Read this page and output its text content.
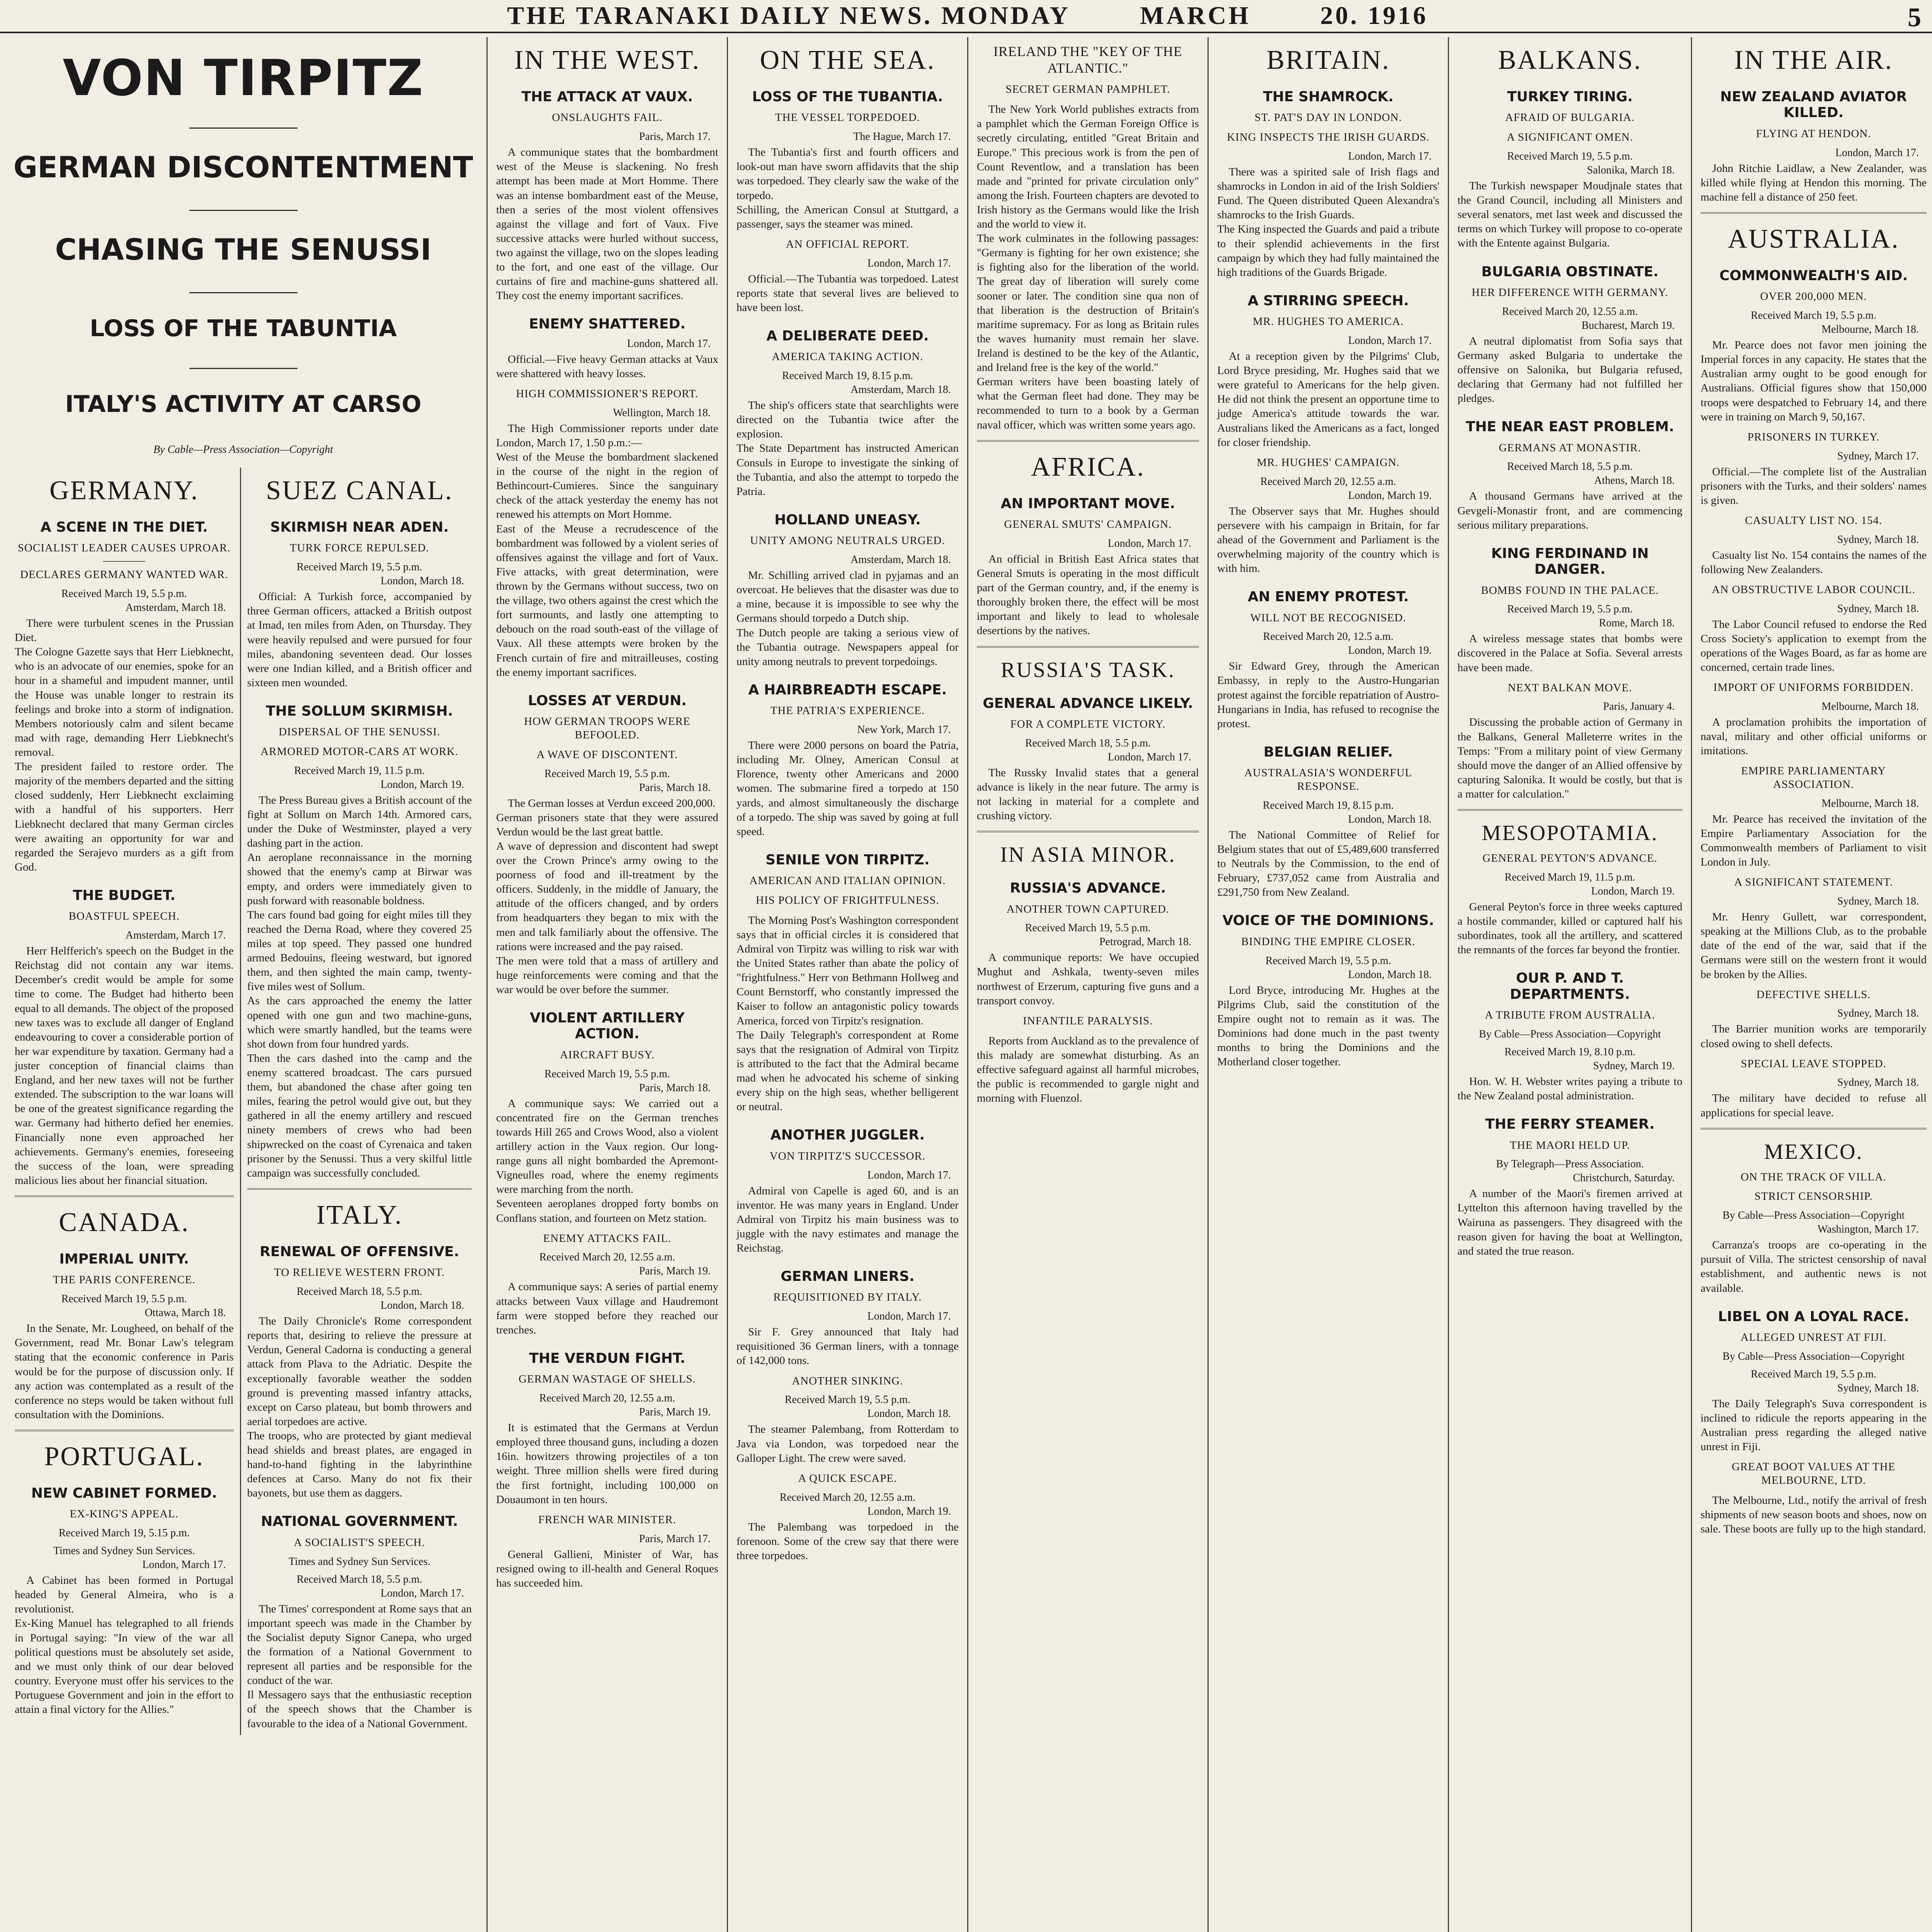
THE TARANAKI DAILY NEWS. MONDAY	MARCH	20. 1916	5
VON TIRPITZ
GERMAN DISCONTENTMENT
CHASING THE SENUSSI
LOSS OF THE TABUNTIA
ITALY'S ACTIVITY AT CARSO
By Cable—Press Association—Copyright
GERMANY.
A SCENE IN THE DIET.
SOCIALIST LEADER CAUSES UPROAR.
DECLARES GERMANY WANTED WAR.
Received March 19, 5.5 p.m.
Amsterdam, March 18.
There were turbulent scenes in the Prussian Diet.
The Cologne Gazette says that Herr Liebknecht, who is an advocate of our enemies, spoke for an hour in a shameful and impudent manner, until the House was unable longer to restrain its feelings and broke into a storm of indignation. Members notoriously calm and silent became mad with rage, demanding Herr Liebknecht's removal.
The president failed to restore order. The majority of the members departed and the sitting closed suddenly, Herr Liebknecht exclaiming with a handful of his supporters. Herr Liebknecht declared that many German circles were awaiting an opportunity for war and regarded the Serajevo murders as a gift from God.
THE BUDGET.
BOASTFUL SPEECH.
Amsterdam, March 17.
Herr Helfferich's speech on the Budget in the Reichstag did not contain any war items. December's credit would be ample for some time to come. The Budget had hitherto been equal to all demands. The object of the proposed new taxes was to exclude all danger of England endeavouring to cover a considerable portion of her war expenditure by taxation. Germany had a juster conception of financial claims than England, and her new taxes will not be further extended. The subscription to the war loans will be one of the greatest significance regarding the war. Germany had hitherto defied her enemies. Financially none even approached her achievements. Germany's enemies, foreseeing the success of the loan, were spreading malicious lies about her financial situation.
CANADA.
IMPERIAL UNITY.
THE PARIS CONFERENCE.
Received March 19, 5.5 p.m.
Ottawa, March 18.
In the Senate, Mr. Lougheed, on behalf of the Government, read Mr. Bonar Law's telegram stating that the economic conference in Paris would be for the purpose of discussion only. If any action was contemplated as a result of the conference no steps would be taken without full consultation with the Dominions.
PORTUGAL.
NEW CABINET FORMED.
EX-KING'S APPEAL.
Received March 19, 5.15 p.m.
Times and Sydney Sun Services.
London, March 17.
A Cabinet has been formed in Portugal headed by General Almeira, who is a revolutionist.
Ex-King Manuel has telegraphed to all friends in Portugal saying: "In view of the war all political questions must be absolutely set aside, and we must only think of our dear beloved country. Everyone must offer his services to the Portuguese Government and join in the effort to attain a final victory for the Allies."
SUEZ CANAL.
SKIRMISH NEAR ADEN.
TURK FORCE REPULSED.
Received March 19, 5.5 p.m.
London, March 18.
Official: A Turkish force, accompanied by three German officers, attacked a British outpost at Imad, ten miles from Aden, on Thursday. They were heavily repulsed and were pursued for four miles, abandoning seventeen dead. Our losses were one Indian killed, and a British officer and sixteen men wounded.
THE SOLLUM SKIRMISH.
DISPERSAL OF THE SENUSSI.
ARMORED MOTOR-CARS AT WORK.
Received March 19, 11.5 p.m.
London, March 19.
The Press Bureau gives a British account of the fight at Sollum on March 14th. Armored cars, under the Duke of Westminster, played a very dashing part in the action.
An aeroplane reconnaissance in the morning showed that the enemy's camp at Birwar was empty, and orders were immediately given to push forward with reasonable boldness.
The cars found bad going for eight miles till they reached the Derna Road, where they covered 25 miles at top speed. They passed one hundred armed Bedouins, fleeing westward, but ignored them, and then sighted the main camp, twenty-five miles west of Sollum.
As the cars approached the enemy the latter opened with one gun and two machine-guns, which were smartly handled, but the teams were shot down from four hundred yards.
Then the cars dashed into the camp and the enemy scattered broadcast. The cars pursued them, but abandoned the chase after going ten miles, fearing the petrol would give out, but they gathered in all the enemy artillery and rescued ninety members of crews who had been shipwrecked on the coast of Cyrenaica and taken prisoner by the Senussi. Thus a very skilful little campaign was successfully concluded.
ITALY.
RENEWAL OF OFFENSIVE.
TO RELIEVE WESTERN FRONT.
Received March 18, 5.5 p.m.
London, March 18.
The Daily Chronicle's Rome correspondent reports that, desiring to relieve the pressure at Verdun, General Cadorna is conducting a general attack from Plava to the Adriatic. Despite the exceptionally favorable weather the sodden ground is preventing massed infantry attacks, except on Carso plateau, but bomb throwers and aerial torpedoes are active.
The troops, who are protected by giant medieval head shields and breast plates, are engaged in hand-to-hand fighting in the labyrinthine defences at Carso. Many do not fix their bayonets, but use them as daggers.
NATIONAL GOVERNMENT.
A SOCIALIST'S SPEECH.
Times and Sydney Sun Services.
Received March 18, 5.5 p.m.
London, March 17.
The Times' correspondent at Rome says that an important speech was made in the Chamber by the Socialist deputy Signor Canepa, who urged the formation of a National Government to represent all parties and be responsible for the conduct of the war.
Il Messagero says that the enthusiastic reception of the speech shows that the Chamber is favourable to the idea of a National Government.
IN THE WEST.
THE ATTACK AT VAUX.
ONSLAUGHTS FAIL.
Paris, March 17.
A communique states that the bombardment west of the Meuse is slackening. No fresh attempt has been made at Mort Homme. There was an intense bombardment east of the Meuse, then a series of the most violent offensives against the village and fort of Vaux. Five successive attacks were hurled without success, two against the village, two on the slopes leading to the fort, and one east of the village. Our curtains of fire and machine-guns shattered all. They cost the enemy important sacrifices.
ENEMY SHATTERED.
London, March 17.
Official.—Five heavy German attacks at Vaux were shattered with heavy losses.
HIGH COMMISSIONER'S REPORT.
Wellington, March 18.
The High Commissioner reports under date London, March 17, 1.50 p.m.:—
West of the Meuse the bombardment slackened in the course of the night in the region of Bethincourt-Cumieres. Since the sanguinary check of the attack yesterday the enemy has not renewed his attempts on Mort Homme.
East of the Meuse a recrudescence of the bombardment was followed by a violent series of offensives against the village and fort of Vaux. Five attacks, with great determination, were thrown by the Germans without success, two on the village, two others against the crest which the fort surmounts, and lastly one attempting to debouch on the road south-east of the village of Vaux. All these attempts were broken by the French curtain of fire and mitrailleuses, costing the enemy important sacrifices.
LOSSES AT VERDUN.
HOW GERMAN TROOPS WERE BEFOOLED.
A WAVE OF DISCONTENT.
Received March 19, 5.5 p.m.
Paris, March 18.
The German losses at Verdun exceed 200,000.
German prisoners state that they were assured Verdun would be the last great battle.
A wave of depression and discontent had swept over the Crown Prince's army owing to the poorness of food and ill-treatment by the officers. Suddenly, in the middle of January, the attitude of the officers changed, and by orders from headquarters they began to mix with the men and talk familiarly about the offensive. The rations were increased and the pay raised.
The men were told that a mass of artillery and huge reinforcements were coming and that the war would be over before the summer.
VIOLENT ARTILLERY ACTION.
AIRCRAFT BUSY.
Received March 19, 5.5 p.m.
Paris, March 18.
A communique says: We carried out a concentrated fire on the German trenches towards Hill 265 and Crows Wood, also a violent artillery action in the Vaux region. Our long-range guns all night bombarded the Apremont-Vigneulles road, where the enemy regiments were marching from the north.
Seventeen aeroplanes dropped forty bombs on Conflans station, and fourteen on Metz station.
ENEMY ATTACKS FAIL.
Received March 20, 12.55 a.m.
Paris, March 19.
A communique says: A series of partial enemy attacks between Vaux village and Haudremont farm were stopped before they reached our trenches.
THE VERDUN FIGHT.
GERMAN WASTAGE OF SHELLS.
Received March 20, 12.55 a.m.
Paris, March 19.
It is estimated that the Germans at Verdun employed three thousand guns, including a dozen 16in. howitzers throwing projectiles of a ton weight. Three million shells were fired during the first fortnight, including 100,000 on Douaumont in ten hours.
FRENCH WAR MINISTER.
Paris, March 17.
General Gallieni, Minister of War, has resigned owing to ill-health and General Roques has succeeded him.
ON THE SEA.
LOSS OF THE TUBANTIA.
THE VESSEL TORPEDOED.
The Hague, March 17.
The Tubantia's first and fourth officers and look-out man have sworn affidavits that the ship was torpedoed. They clearly saw the wake of the torpedo.
Schilling, the American Consul at Stuttgard, a passenger, says the steamer was mined.
AN OFFICIAL REPORT.
London, March 17.
Official.—The Tubantia was torpedoed. Latest reports state that several lives are believed to have been lost.
A DELIBERATE DEED.
AMERICA TAKING ACTION.
Received March 19, 8.15 p.m.
Amsterdam, March 18.
The ship's officers state that searchlights were directed on the Tubantia twice after the explosion.
The State Department has instructed American Consuls in Europe to investigate the sinking of the Tubantia, and also the attempt to torpedo the Patria.
HOLLAND UNEASY.
UNITY AMONG NEUTRALS URGED.
Amsterdam, March 18.
Mr. Schilling arrived clad in pyjamas and an overcoat. He believes that the disaster was due to a mine, because it is impossible to see why the Germans should torpedo a Dutch ship.
The Dutch people are taking a serious view of the Tubantia outrage. Newspapers appeal for unity among neutrals to prevent torpedoings.
A HAIRBREADTH ESCAPE.
THE PATRIA'S EXPERIENCE.
New York, March 17.
There were 2000 persons on board the Patria, including Mr. Olney, American Consul at Florence, twenty other Americans and 2000 women. The submarine fired a torpedo at 150 yards, and almost simultaneously the discharge of a torpedo. The ship was saved by going at full speed.
SENILE VON TIRPITZ.
AMERICAN AND ITALIAN OPINION.
HIS POLICY OF FRIGHTFULNESS.
The Morning Post's Washington correspondent says that in official circles it is considered that Admiral von Tirpitz was willing to risk war with the United States rather than abate the policy of "frightfulness." Herr von Bethmann Hollweg and Count Bernstorff, who constantly impressed the Kaiser to follow an antagonistic policy towards America, forced von Tirpitz's resignation.
The Daily Telegraph's correspondent at Rome says that the resignation of Admiral von Tirpitz is attributed to the fact that the Admiral became mad when he advocated his scheme of sinking every ship on the high seas, whether belligerent or neutral.
ANOTHER JUGGLER.
VON TIRPITZ'S SUCCESSOR.
London, March 17.
Admiral von Capelle is aged 60, and is an inventor. He was many years in England. Under Admiral von Tirpitz his main business was to juggle with the navy estimates and manage the Reichstag.
GERMAN LINERS.
REQUISITIONED BY ITALY.
London, March 17.
Sir F. Grey announced that Italy had requisitioned 36 German liners, with a tonnage of 142,000 tons.
ANOTHER SINKING.
Received March 19, 5.5 p.m.
London, March 18.
The steamer Palembang, from Rotterdam to Java via London, was torpedoed near the Galloper Light. The crew were saved.
A QUICK ESCAPE.
Received March 20, 12.55 a.m.
London, March 19.
The Palembang was torpedoed in the forenoon. Some of the crew say that there were three torpedoes.
IRELAND THE "KEY OF THE ATLANTIC."
SECRET GERMAN PAMPHLET.
The New York World publishes extracts from a pamphlet which the German Foreign Office is secretly circulating, entitled "Great Britain and Europe." This precious work is from the pen of Count Reventlow, and a translation has been made and "printed for private circulation only" among the Irish. Fourteen chapters are devoted to Irish history as the Germans would like the Irish and the world to view it.
The work culminates in the following passages: "Germany is fighting for her own existence; she is fighting also for the liberation of the world. The great day of liberation will surely come sooner or later. The condition sine qua non of that liberation is the destruction of Britain's maritime supremacy. For as long as Britain rules the waves humanity must remain her slave. Ireland is destined to be the key of the Atlantic, and Ireland free is the key of the world."
German writers have been boasting lately of what the German fleet had done. They may be recommended to turn to a book by a German naval officer, which was written some years ago.
AFRICA.
AN IMPORTANT MOVE.
GENERAL SMUTS' CAMPAIGN.
London, March 17.
An official in British East Africa states that General Smuts is operating in the most difficult part of the German country, and, if the enemy is thoroughly broken there, the effect will be most important and likely to lead to wholesale desertions by the natives.
RUSSIA'S TASK.
GENERAL ADVANCE LIKELY.
FOR A COMPLETE VICTORY.
Received March 18, 5.5 p.m.
London, March 17.
The Russky Invalid states that a general advance is likely in the near future. The army is not lacking in material for a complete and crushing victory.
IN ASIA MINOR.
RUSSIA'S ADVANCE.
ANOTHER TOWN CAPTURED.
Received March 19, 5.5 p.m.
Petrograd, March 18.
A communique reports: We have occupied Mughut and Ashkala, twenty-seven miles northwest of Erzerum, capturing five guns and a transport convoy.
INFANTILE PARALYSIS.
Reports from Auckland as to the prevalence of this malady are somewhat disturbing. As an effective safeguard against all harmful microbes, the public is recommended to gargle night and morning with Fluenzol.
BRITAIN.
THE SHAMROCK.
ST. PAT'S DAY IN LONDON.
KING INSPECTS THE IRISH GUARDS.
London, March 17.
There was a spirited sale of Irish flags and shamrocks in London in aid of the Irish Soldiers' Fund. The Queen distributed Queen Alexandra's shamrocks to the Irish Guards.
The King inspected the Guards and paid a tribute to their splendid achievements in the first campaign by which they had fully maintained the high traditions of the Guards Brigade.
A STIRRING SPEECH.
MR. HUGHES TO AMERICA.
London, March 17.
At a reception given by the Pilgrims' Club, Lord Bryce presiding, Mr. Hughes said that we were grateful to Americans for the help given. He did not think the present an opportune time to judge America's attitude towards the war. Australians liked the Americans as a fact, longed for closer friendship.
MR. HUGHES' CAMPAIGN.
Received March 20, 12.55 a.m.
London, March 19.
The Observer says that Mr. Hughes should persevere with his campaign in Britain, for far ahead of the Government and Parliament is the overwhelming majority of the country which is with him.
AN ENEMY PROTEST.
WILL NOT BE RECOGNISED.
Received March 20, 12.5 a.m.
London, March 19.
Sir Edward Grey, through the American Embassy, in reply to the Austro-Hungarian protest against the forcible repatriation of Austro-Hungarians in India, has refused to recognise the protest.
BELGIAN RELIEF.
AUSTRALASIA'S WONDERFUL RESPONSE.
Received March 19, 8.15 p.m.
London, March 18.
The National Committee of Relief for Belgium states that out of £5,489,600 transferred to Neutrals by the Commission, to the end of February, £737,052 came from Australia and £291,750 from New Zealand.
VOICE OF THE DOMINIONS.
BINDING THE EMPIRE CLOSER.
Received March 19, 5.5 p.m.
London, March 18.
Lord Bryce, introducing Mr. Hughes at the Pilgrims Club, said the constitution of the Empire ought not to remain as it was. The Dominions had done much in the past twenty months to bring the Dominions and the Motherland closer together.
BALKANS.
TURKEY TIRING.
AFRAID OF BULGARIA.
A SIGNIFICANT OMEN.
Received March 19, 5.5 p.m.
Salonika, March 18.
The Turkish newspaper Moudjnale states that the Grand Council, including all Ministers and several senators, met last week and discussed the terms on which Turkey will propose to co-operate with the Entente against Bulgaria.
BULGARIA OBSTINATE.
HER DIFFERENCE WITH GERMANY.
Received March 20, 12.55 a.m.
Bucharest, March 19.
A neutral diplomatist from Sofia says that Germany asked Bulgaria to undertake the offensive on Salonika, but Bulgaria refused, declaring that Germany had not fulfilled her pledges.
THE NEAR EAST PROBLEM.
GERMANS AT MONASTIR.
Received March 18, 5.5 p.m.
Athens, March 18.
A thousand Germans have arrived at the Gevgeli-Monastir front, and are commencing serious military preparations.
KING FERDINAND IN DANGER.
BOMBS FOUND IN THE PALACE.
Received March 19, 5.5 p.m.
Rome, March 18.
A wireless message states that bombs were discovered in the Palace at Sofia. Several arrests have been made.
NEXT BALKAN MOVE.
Paris, January 4.
Discussing the probable action of Germany in the Balkans, General Malleterre writes in the Temps: "From a military point of view Germany should move the danger of an Allied offensive by capturing Salonika. It would be costly, but that is a matter for calculation."
MESOPOTAMIA.
GENERAL PEYTON'S ADVANCE.
Received March 19, 11.5 p.m.
London, March 19.
General Peyton's force in three weeks captured a hostile commander, killed or captured half his subordinates, took all the artillery, and scattered the remnants of the forces far beyond the frontier.
OUR P. AND T. DEPARTMENTS.
A TRIBUTE FROM AUSTRALIA.
By Cable—Press Association—Copyright
Received March 19, 8.10 p.m.
Sydney, March 19.
Hon. W. H. Webster writes paying a tribute to the New Zealand postal administration.
THE FERRY STEAMER.
THE MAORI HELD UP.
By Telegraph—Press Association.
Christchurch, Saturday.
A number of the Maori's firemen arrived at Lyttelton this afternoon having travelled by the Wairuna as passengers. They disagreed with the reason given for having the boat at Wellington, and stated the true reason.
IN THE AIR.
NEW ZEALAND AVIATOR KILLED.
FLYING AT HENDON.
London, March 17.
John Ritchie Laidlaw, a New Zealander, was killed while flying at Hendon this morning. The machine fell a distance of 250 feet.
AUSTRALIA.
COMMONWEALTH'S AID.
OVER 200,000 MEN.
Received March 19, 5.5 p.m.
Melbourne, March 18.
Mr. Pearce does not favor men joining the Imperial forces in any capacity. He states that the Australian army ought to be good enough for Australians. Official figures show that 150,000 troops were despatched to February 14, and there were in training on March 9, 50,167.
PRISONERS IN TURKEY.
Sydney, March 17.
Official.—The complete list of the Australian prisoners with the Turks, and their solders' names is given.
CASUALTY LIST NO. 154.
Sydney, March 18.
Casualty list No. 154 contains the names of the following New Zealanders.
AN OBSTRUCTIVE LABOR COUNCIL.
Sydney, March 18.
The Labor Council refused to endorse the Red Cross Society's application to exempt from the operations of the Wages Board, as far as home are concerned, certain trade lines.
IMPORT OF UNIFORMS FORBIDDEN.
Melbourne, March 18.
A proclamation prohibits the importation of naval, military and other official uniforms or imitations.
EMPIRE PARLIAMENTARY ASSOCIATION.
Melbourne, March 18.
Mr. Pearce has received the invitation of the Empire Parliamentary Association for the Commonwealth members of Parliament to visit London in July.
A SIGNIFICANT STATEMENT.
Sydney, March 18.
Mr. Henry Gullett, war correspondent, speaking at the Millions Club, as to the probable date of the end of the war, said that if the Germans were still on the western front it would be broken by the Allies.
DEFECTIVE SHELLS.
Sydney, March 18.
The Barrier munition works are temporarily closed owing to shell defects.
SPECIAL LEAVE STOPPED.
Sydney, March 18.
The military have decided to refuse all applications for special leave.
MEXICO.
ON THE TRACK OF VILLA.
STRICT CENSORSHIP.
By Cable—Press Association—Copyright
Washington, March 17.
Carranza's troops are co-operating in the pursuit of Villa. The strictest censorship of naval establishment, and authentic news is not available.
LIBEL ON A LOYAL RACE.
ALLEGED UNREST AT FIJI.
By Cable—Press Association—Copyright
Received March 19, 5.5 p.m.
Sydney, March 18.
The Daily Telegraph's Suva correspondent is inclined to ridicule the reports appearing in the Australian press regarding the alleged native unrest in Fiji.
GREAT BOOT VALUES AT THE MELBOURNE, LTD.
The Melbourne, Ltd., notify the arrival of fresh shipments of new season boots and shoes, now on sale. These boots are fully up to the high standard.
